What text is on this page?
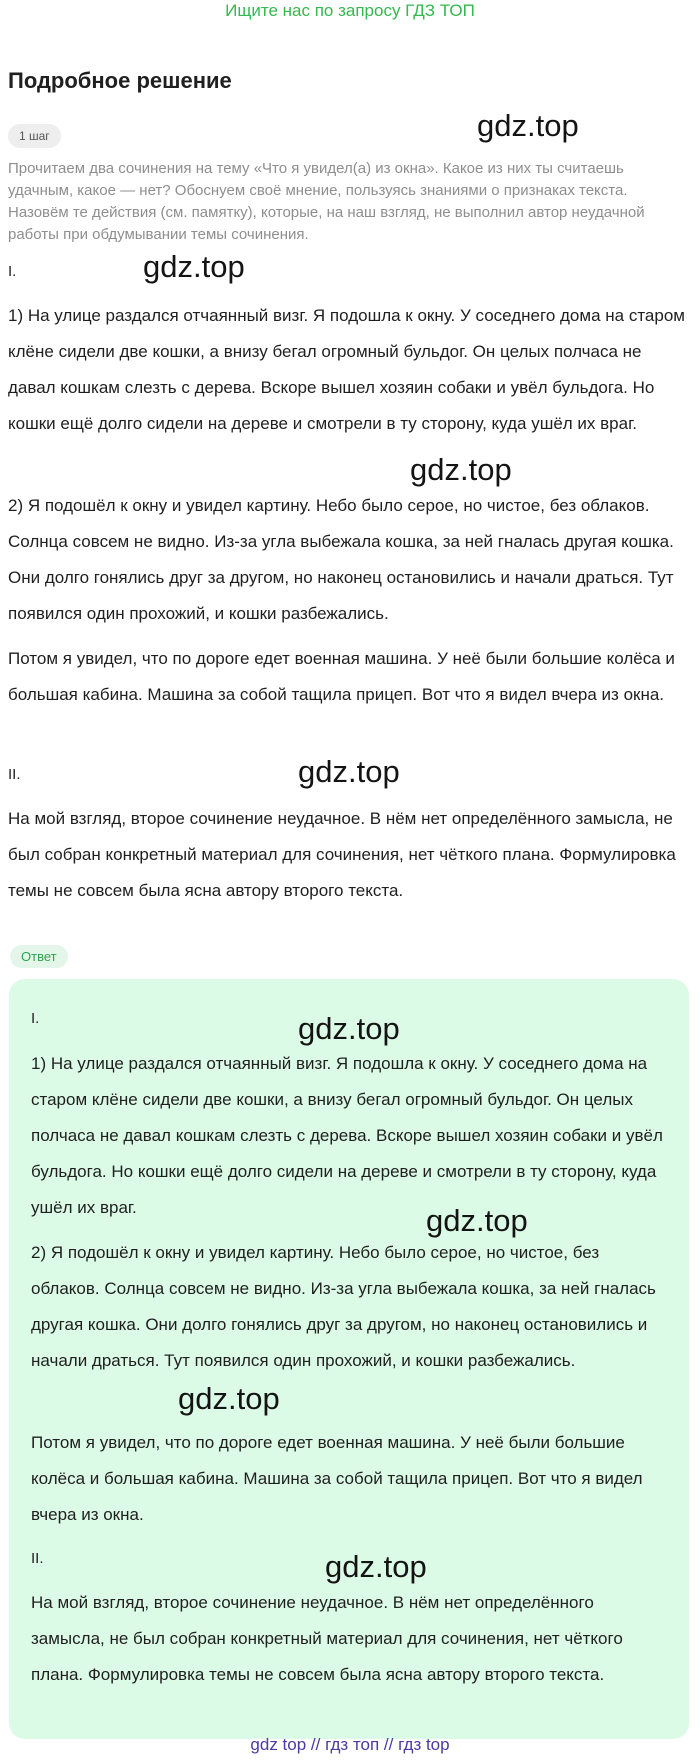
Ищите нас по запросу ГДЗ ТОП
Подробное решение
1 шаг
Прочитаем два сочинения на тему «Что я увидел(а) из окна». Какое из них ты считаешь удачным, какое — нет? Обоснуем своё мнение, пользуясь знаниями о признаках текста. Назовём те действия (см. памятку), которые, на наш взгляд, не выполнил автор неудачной работы при обдумывании темы сочинения.
I.
1) На улице раздался отчаянный визг. Я подошла к окну. У соседнего дома на старом клёне сидели две кошки, а внизу бегал огромный бульдог. Он целых полчаса не давал кошкам слезть с дерева. Вскоре вышел хозяин собаки и увёл бульдога. Но кошки ещё долго сидели на дереве и смотрели в ту сторону, куда ушёл их враг.
2) Я подошёл к окну и увидел картину. Небо было серое, но чистое, без облаков. Солнца совсем не видно. Из-за угла выбежала кошка, за ней гналась другая кошка. Они долго гонялись друг за другом, но наконец остановились и начали драться. Тут появился один прохожий, и кошки разбежались.
Потом я увидел, что по дороге едет военная машина. У неё были большие колёса и большая кабина. Машина за собой тащила прицеп. Вот что я видел вчера из окна.
II.
На мой взгляд, второе сочинение неудачное. В нём нет определённого замысла, не был собран конкретный материал для сочинения, нет чёткого плана. Формулировка темы не совсем была ясна автору второго текста.
Ответ
I.
1) На улице раздался отчаянный визг. Я подошла к окну. У соседнего дома на старом клёне сидели две кошки, а внизу бегал огромный бульдог. Он целых полчаса не давал кошкам слезть с дерева. Вскоре вышел хозяин собаки и увёл бульдога. Но кошки ещё долго сидели на дереве и смотрели в ту сторону, куда ушёл их враг.
2) Я подошёл к окну и увидел картину. Небо было серое, но чистое, без облаков. Солнца совсем не видно. Из-за угла выбежала кошка, за ней гналась другая кошка. Они долго гонялись друг за другом, но наконец остановились и начали драться. Тут появился один прохожий, и кошки разбежались.
Потом я увидел, что по дороге едет военная машина. У неё были большие колёса и большая кабина. Машина за собой тащила прицеп. Вот что я видел вчера из окна.
II.
На мой взгляд, второе сочинение неудачное. В нём нет определённого замысла, не был собран конкретный материал для сочинения, нет чёткого плана. Формулировка темы не совсем была ясна автору второго текста.
gdz.top
gdz.top
gdz.top
gdz.top
gdz.top
gdz.top
gdz.top
gdz.top
gdz top // гдз топ // гдз top
